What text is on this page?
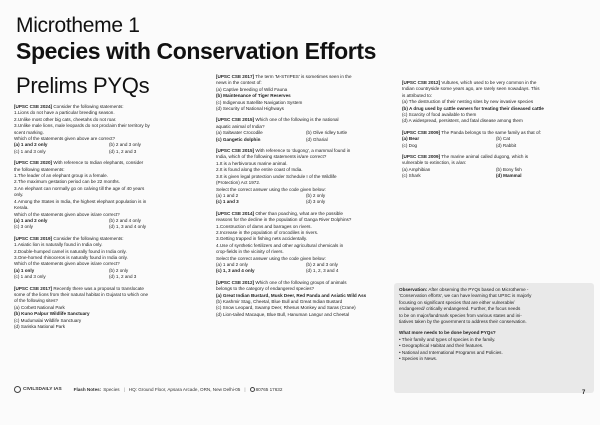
Microtheme 1
Species with Conservation Efforts
Prelims PYQs
[UPSC CSE 2024] Consider the following statements:
1.Lions do not have a particular breeding season.
2.Unlike most other big cats, cheetahs do not roar.
3.Unlike male lions, male leopards do not proclaim their territory by
scent marking.
Which of the statements given above are correct?
(a) 1 and 2 only	(b) 2 and 3 only
(c) 1 and 3 only	(d) 1, 2 and 3
[UPSC CSE 2020] With reference to Indian elephants, consider
the following statements:
1.The leader of an elephant group is a female.
2.The maximum gestation period can be 22 months.
3.An elephant can normally go on calving till the age of 40 years
only.
4.Among the States in India, the highest elephant population is in
Kerala.
Which of the statements given above is/are correct?
(a) 1 and 2 only	(b) 2 and 4 only
(c) 3 only	(d) 1, 3 and 4 only
[UPSC CSE 2019] Consider the following statements:
1.Asiatic lion is naturally found in India only.
2.Double-humped camel is naturally found in India only.
3.One-horned rhinoceros is naturally found in India only.
Which of the statements given above is/are correct?
(a) 1 only	(b) 2 only
(c) 1 and 3 only	(d) 1, 2 and 3
[UPSC CSE 2017] Recently there was a proposal to translocate
some of the lions from their natural habitat in Gujarat to which one
of the following sites?
(a) Corbett National Park
(b) Kuno Palpur Wildlife Sanctuary
(c) Mudumalai Wildlife Sanctuary
(d) Sariska National Park
[UPSC CSE 2017] The term 'M-STrIPES' is sometimes seen in the
news in the context of:
(a) Captive breeding of Wild Fauna
(b) Maintenance of Tiger Reserves
(c) Indigenous Satellite Navigation System
(d) Security of National Highways
[UPSC CSE 2015] Which one of the following is the national
aquatic animal of India?
(a) Saltwater Crocodile	(b) Olive ridley turtle
(c) Gangetic dolphin	(d) Gharial
[UPSC CSE 2015] With reference to 'dugong', a mammal found in
India, which of the following statements is/are correct?
1.It is a herbivorous marine animal.
2.It is found along the entire coast of India.
3.It is given legal protection under Schedule I of the Wildlife
(Protection) Act 1972.
Select the correct answer using the code given below:
(a) 1 and 2	(b) 2 only
(c) 1 and 3	(d) 3 only
[UPSC CSE 2014] Other than poaching, what are the possible
reasons for the decline in the population of Ganga River Dolphins?
1.Construction of dams and barrages on rivers.
2.Increase in the population of crocodiles in rivers.
3.Getting trapped in fishing nets accidentally.
4.Use of synthetic fertilizers and other agricultural chemicals in
crop-fields in the vicinity of rivers.
Select the correct answer using the code given below:
(a) 1 and 2 only	(b) 2 and 3 only
(c) 1, 3 and 4 only	(d) 1, 2, 3 and 4
[UPSC CSE 2012] Which one of the following groups of animals
belongs to the category of endangered species?
(a) Great Indian Bustard, Musk Deer, Red Panda and Asiatic Wild Ass
(b) Kashmir Stag, Cheetal, Blue Bull and Great Indian Bustard
(c) Snow Leopard, Swamp Deer, Rhesus Monkey and Saras (Crane)
(d) Lion-tailed Macaque, Blue Bull, Hanuman Langur and Cheetal
[UPSC CSE 2012] Vultures, which used to be very common in the
Indian countryside some years ago, are rarely seen nowadays. This
is attributed to:
(a) The destruction of their nesting sites by new invasive species
(b) A drug used by cattle owners for treating their diseased cattle
(c) Scarcity of food available to them
(d) A widespread, persistent, and fatal disease among them
[UPSC CSE 2009] The Panda belongs to the same family as that of:
(a) Bear	(b) Cat
(c) Dog	(d) Rabbit
[UPSC CSE 2009] The marine animal called dugong, which is
vulnerable to extinction, is a/an:
(a) Amphibian	(b) Bony fish
(c) Shark	(d) Mammal
Observation: After observing the PYQs based on Microtheme -
'Conservation efforts', we can have learning that UPSC is majorly
focusing on significant species that are either vulnerable/
endangered/ critically endangered. Further, the focus needs
to be on major/landmark species from various states and ini-
tiatives taken by the government to address their conservation.
What more needs to be done beyond PYQs?
• Their family and types of species in the family.
• Geographical Habitat and their features.
• National and International Programs and Policies.
• Species in News.
CIVILSDAILY IAS	Flash Notes: Species | HQ: Ground Floor, Apsara Arcade, ORN, New Delhi-05 | 80765 17632
7
